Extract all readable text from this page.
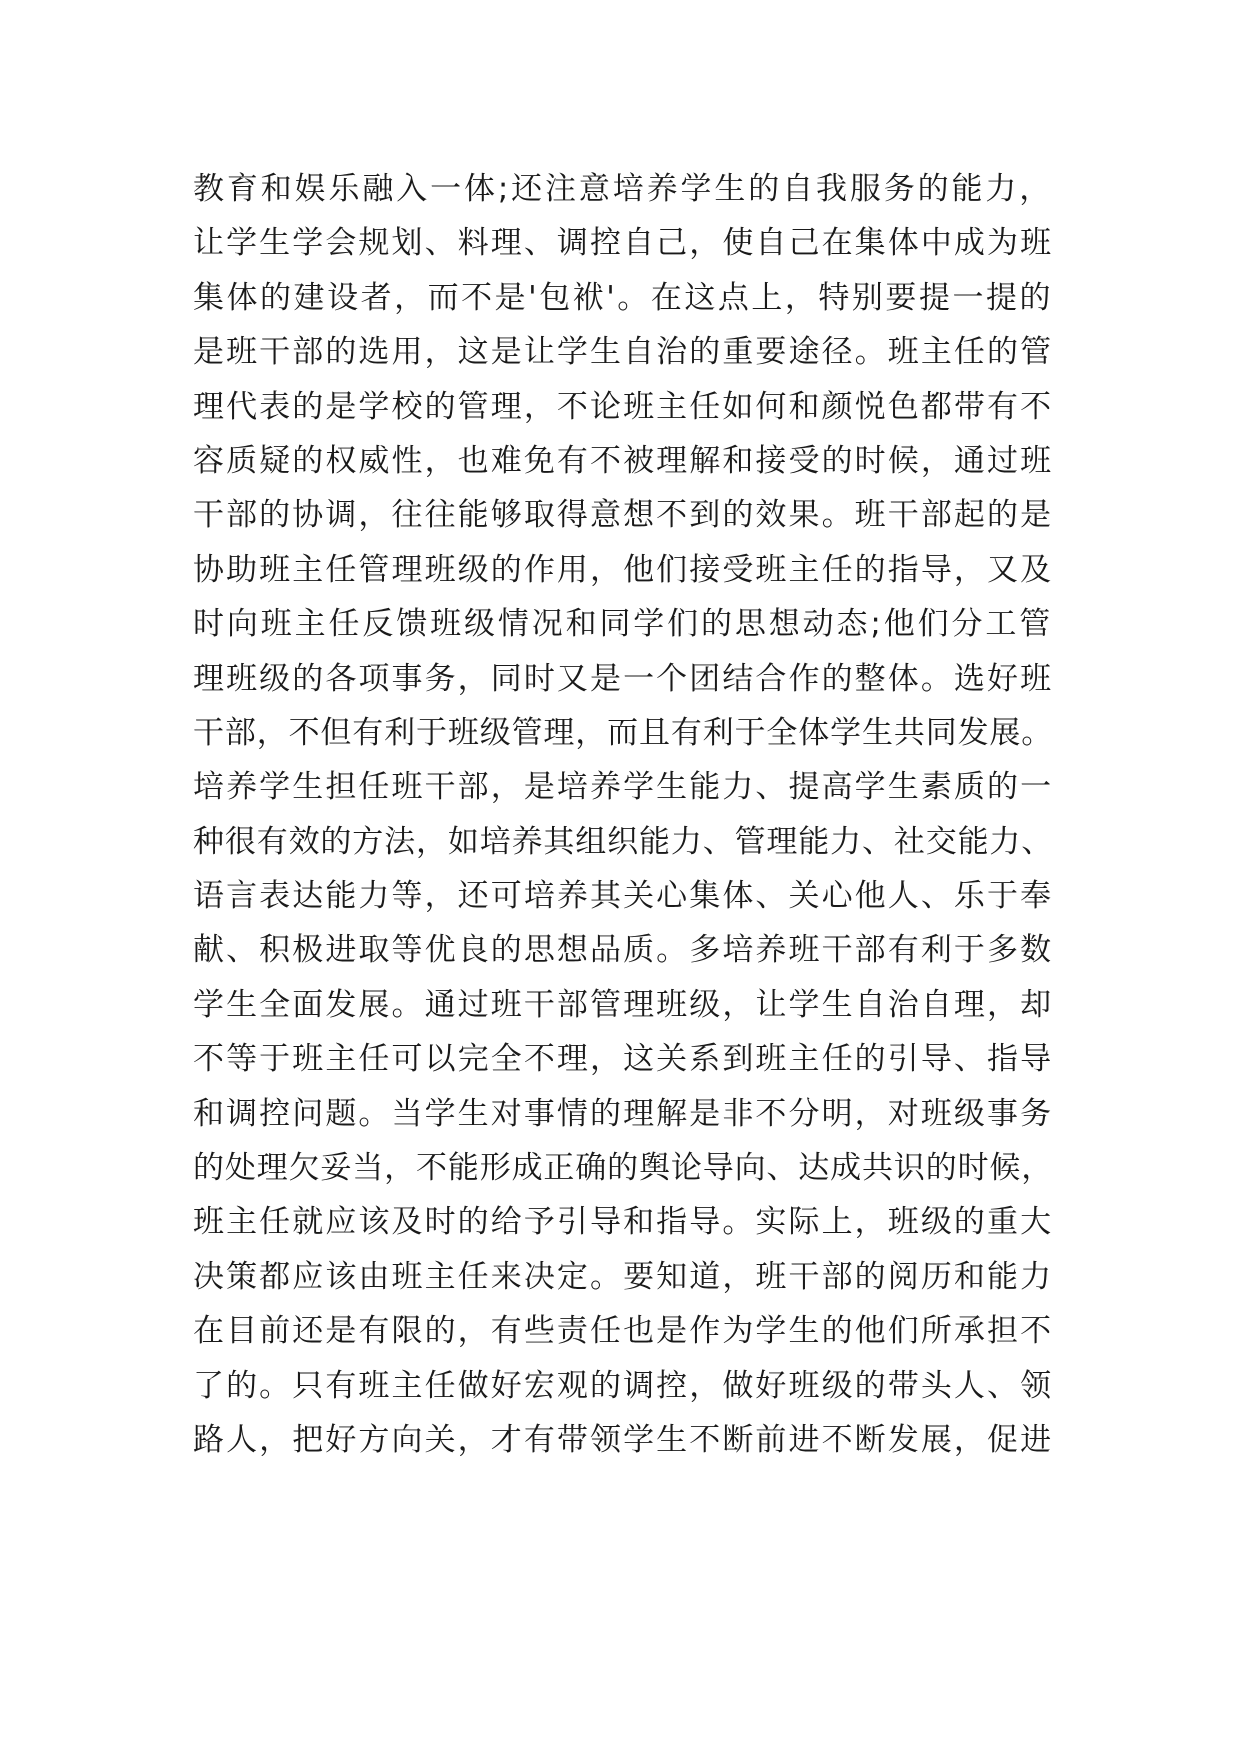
教育和娱乐融入一体;还注意培养学生的自我服务的能力，
让学生学会规划、料理、调控自己，使自己在集体中成为班
集体的建设者，而不是'包袱'。在这点上，特别要提一提的
是班干部的选用，这是让学生自治的重要途径。班主任的管
理代表的是学校的管理，不论班主任如何和颜悦色都带有不
容质疑的权威性，也难免有不被理解和接受的时候，通过班
干部的协调，往往能够取得意想不到的效果。班干部起的是
协助班主任管理班级的作用，他们接受班主任的指导，又及
时向班主任反馈班级情况和同学们的思想动态;他们分工管
理班级的各项事务，同时又是一个团结合作的整体。选好班
干部，不但有利于班级管理，而且有利于全体学生共同发展。
培养学生担任班干部，是培养学生能力、提高学生素质的一
种很有效的方法，如培养其组织能力、管理能力、社交能力、
语言表达能力等，还可培养其关心集体、关心他人、乐于奉
献、积极进取等优良的思想品质。多培养班干部有利于多数
学生全面发展。通过班干部管理班级，让学生自治自理，却
不等于班主任可以完全不理，这关系到班主任的引导、指导
和调控问题。当学生对事情的理解是非不分明，对班级事务
的处理欠妥当，不能形成正确的舆论导向、达成共识的时候，
班主任就应该及时的给予引导和指导。实际上，班级的重大
决策都应该由班主任来决定。要知道，班干部的阅历和能力
在目前还是有限的，有些责任也是作为学生的他们所承担不
了的。只有班主任做好宏观的调控，做好班级的带头人、领
路人，把好方向关，才有带领学生不断前进不断发展，促进
